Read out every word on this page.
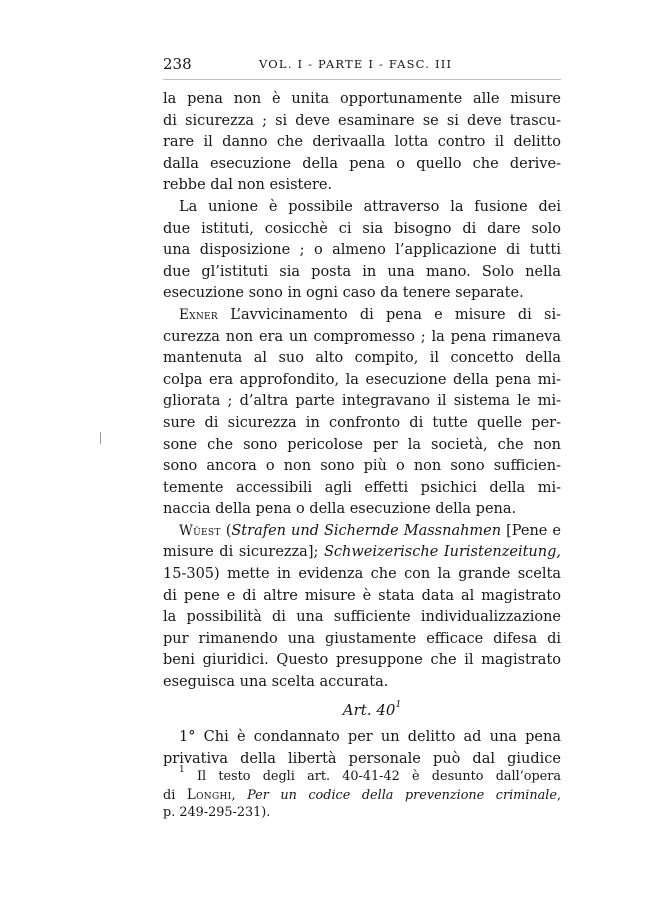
238	VOL. I - PARTE I - FASC. III
la pena non è unita opportunamente alle misure
di sicurezza ; si deve esaminare se si deve trascu-
rare il danno che derivaalla lotta contro il delitto
dalla esecuzione della pena o quello che derive-
rebbe dal non esistere.
La unione è possibile attraverso la fusione dei
due istituti, cosicchè ci sia bisogno di dare solo
una disposizione ; o almeno l’applicazione di tutti
due gl’istituti sia posta in una mano. Solo nella
esecuzione sono in ogni caso da tenere separate.
Exner L’avvicinamento di pena e misure di si-
curezza non era un compromesso ; la pena rimaneva
mantenuta al suo alto compito, il concetto della
colpa era approfondito, la esecuzione della pena mi-
gliorata ; d’altra parte integravano il sistema le mi-
sure di sicurezza in confronto di tutte quelle per-
sone che sono pericolose per la società, che non
sono ancora o non sono più o non sono sufficien-
temente accessibili agli effetti psichici della mi-
naccia della pena o della esecuzione della pena.
Wüest (Strafen und Sichernde Massnahmen [Pene e
misure di sicurezza]; Schweizerische Iuristenzeitung,
15-305) mette in evidenza che con la grande scelta
di pene e di altre misure è stata data al magistrato
la possibilità di una sufficiente individualizzazione
pur rimanendo una giustamente efficace difesa di
beni giuridici. Questo presuppone che il magistrato
eseguisca una scelta accurata.
Art. $40^1$
1° Chi è condannato per un delitto ad una pena
privativa della libertà personale può dal giudice
$^1$ Il testo degli art. 40-41-42 è desunto dall’opera
di Longhi, Per un codice della prevenzione criminale,
p. 249-295-231).
